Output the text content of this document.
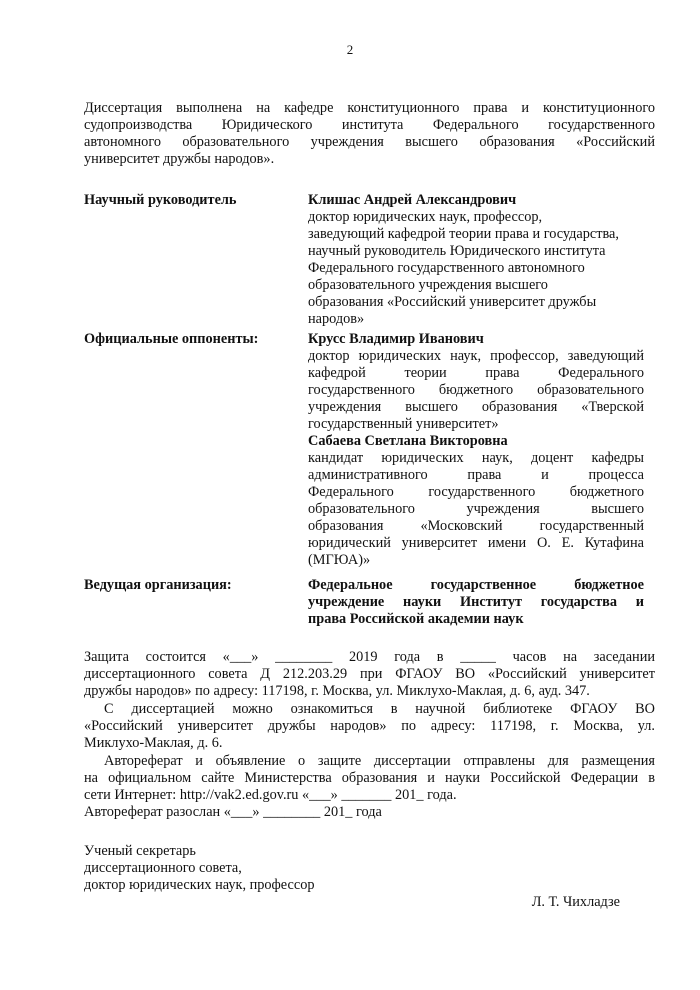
2
Диссертация выполнена на кафедре конституционного права и конституционного
судопроизводства Юридического института Федерального государственного
автономного образовательного учреждения высшего образования «Российский
университет дружбы народов».
Научный руководитель	Клишас Андрей Александрович
доктор юридических наук, профессор,
заведующий кафедрой теории права и государства,
научный руководитель Юридического института
Федерального государственного автономного
образовательного учреждения высшего
образования «Российский университет дружбы
народов»
Официальные оппоненты:	Крусс Владимир Иванович
доктор юридических наук, профессор, заведующий
кафедрой теории права Федерального
государственного бюджетного образовательного
учреждения высшего образования «Тверской
государственный университет»
Сабаева Светлана Викторовна
кандидат юридических наук, доцент кафедры
административного права и процесса
Федерального государственного бюджетного
образовательного учреждения высшего
образования «Московский государственный
юридический университет имени О. Е. Кутафина
(МГЮА)»
Ведущая организация:	Федеральное государственное бюджетное
учреждение науки Институт государства и
права Российской академии наук
Защита состоится «___» ________ 2019 года в _____ часов на заседании
диссертационного совета Д 212.203.29 при ФГАОУ ВО «Российский университет
дружбы народов» по адресу: 117198, г. Москва, ул. Миклухо-Маклая, д. 6, ауд. 347.
С диссертацией можно ознакомиться в научной библиотеке ФГАОУ ВО
«Российский университет дружбы народов» по адресу: 117198, г. Москва, ул.
Миклухо-Маклая, д. 6.
Автореферат и объявление о защите диссертации отправлены для размещения
на официальном сайте Министерства образования и науки Российской Федерации в
сети Интернет: http://vak2.ed.gov.ru «___» _______ 201_ года.
Автореферат разослан «___» ________ 201_ года
Ученый секретарь
диссертационного совета,
доктор юридических наук, профессор
Л. Т. Чихладзе
